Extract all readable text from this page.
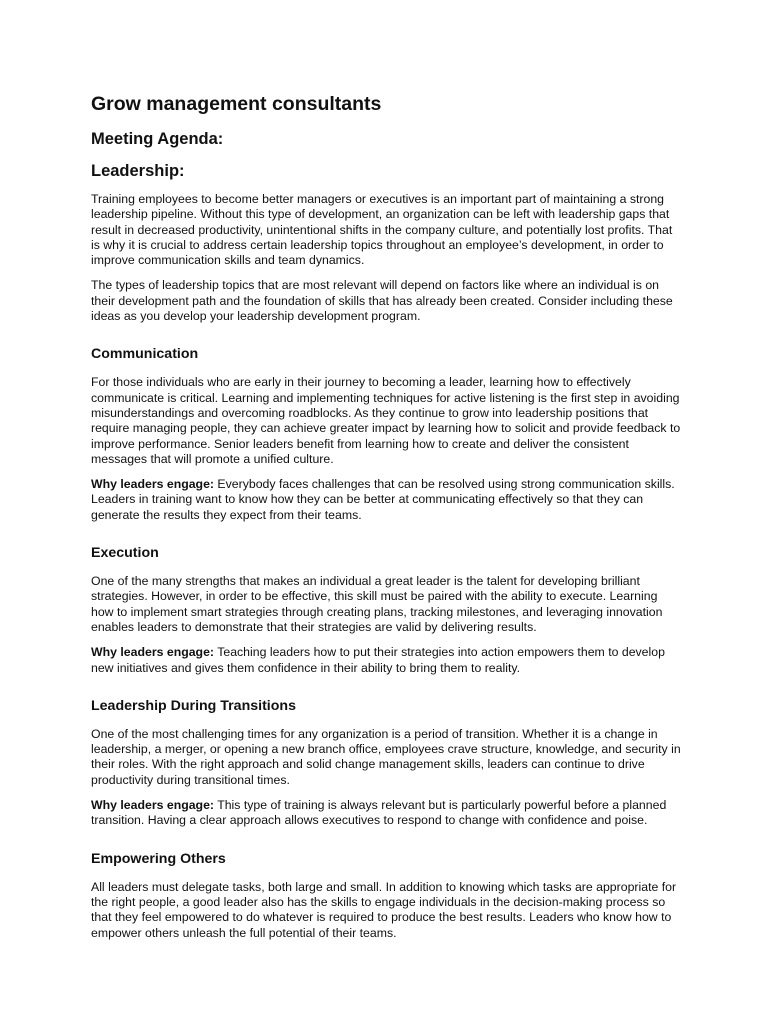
Grow management consultants
Meeting Agenda:
Leadership:

Training employees to become better managers or executives is an important part of maintaining a strong leadership pipeline. Without this type of development, an organization can be left with leadership gaps that result in decreased productivity, unintentional shifts in the company culture, and potentially lost profits. That is why it is crucial to address certain leadership topics throughout an employee’s development, in order to improve communication skills and team dynamics.

The types of leadership topics that are most relevant will depend on factors like where an individual is on their development path and the foundation of skills that has already been created. Consider including these ideas as you develop your leadership development program.

Communication

For those individuals who are early in their journey to becoming a leader, learning how to effectively communicate is critical. Learning and implementing techniques for active listening is the first step in avoiding misunderstandings and overcoming roadblocks. As they continue to grow into leadership positions that require managing people, they can achieve greater impact by learning how to solicit and provide feedback to improve performance. Senior leaders benefit from learning how to create and deliver the consistent messages that will promote a unified culture.

Why leaders engage: Everybody faces challenges that can be resolved using strong communication skills. Leaders in training want to know how they can be better at communicating effectively so that they can generate the results they expect from their teams.

Execution

One of the many strengths that makes an individual a great leader is the talent for developing brilliant strategies. However, in order to be effective, this skill must be paired with the ability to execute. Learning how to implement smart strategies through creating plans, tracking milestones, and leveraging innovation enables leaders to demonstrate that their strategies are valid by delivering results.

Why leaders engage: Teaching leaders how to put their strategies into action empowers them to develop new initiatives and gives them confidence in their ability to bring them to reality.

Leadership During Transitions

One of the most challenging times for any organization is a period of transition. Whether it is a change in leadership, a merger, or opening a new branch office, employees crave structure, knowledge, and security in their roles. With the right approach and solid change management skills, leaders can continue to drive productivity during transitional times.

Why leaders engage: This type of training is always relevant but is particularly powerful before a planned transition. Having a clear approach allows executives to respond to change with confidence and poise.

Empowering Others

All leaders must delegate tasks, both large and small. In addition to knowing which tasks are appropriate for the right people, a good leader also has the skills to engage individuals in the decision-making process so that they feel empowered to do whatever is required to produce the best results. Leaders who know how to empower others unleash the full potential of their teams.
